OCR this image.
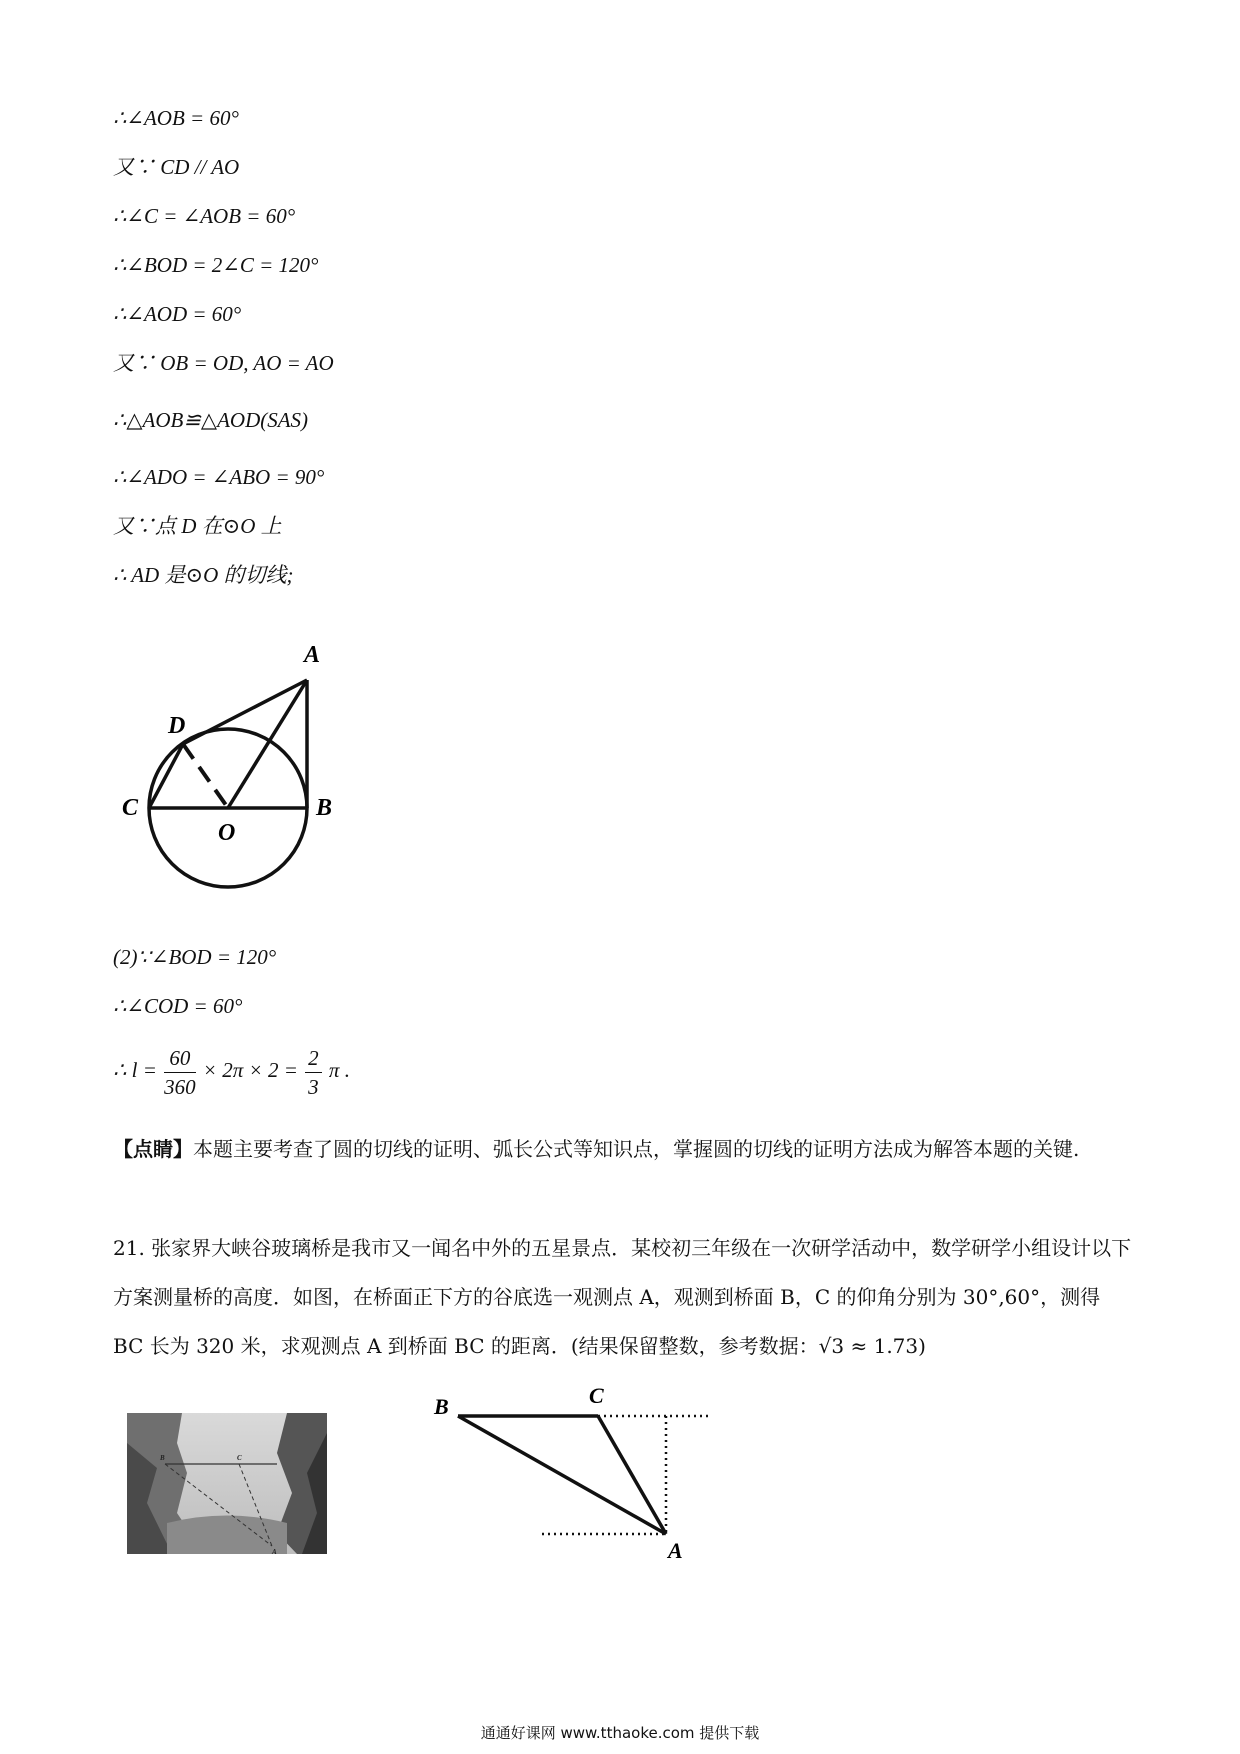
∴∠AOB = 60°
又∵ CD // AO
∴∠C = ∠AOB = 60°
∴∠BOD = 2∠C = 120°
∴∠AOD = 60°
又∵ OB = OD, AO = AO
∴△AOB≌△AOD(SAS)
∴∠ADO = ∠ABO = 90°
又∵点 D 在⊙O 上
∴ AD 是⊙O 的切线;
A
B
C
D
O
(2)∵∠BOD = 120°
∴∠COD = 60°
∴ $l = \frac{60}{360} \times 2\pi \times 2 = \frac{2}{3}$ π .
【点睛】本题主要考查了圆的切线的证明、弧长公式等知识点，掌握圆的切线的证明方法成为解答本题的关键.
21. 张家界大峡谷玻璃桥是我市又一闻名中外的五星景点．某校初三年级在一次研学活动中，数学研学小组设计以下方案测量桥的高度．如图，在桥面正下方的谷底选一观测点 A，观测到桥面 B，C 的仰角分别为 30°,60°，测得 BC 长为 320 米，求观测点 A 到桥面 BC 的距离．(结果保留整数，参考数据：√3 ≈ 1.73)
B	C
A
B	C
A
通通好课网 www.tthaoke.com 提供下载
